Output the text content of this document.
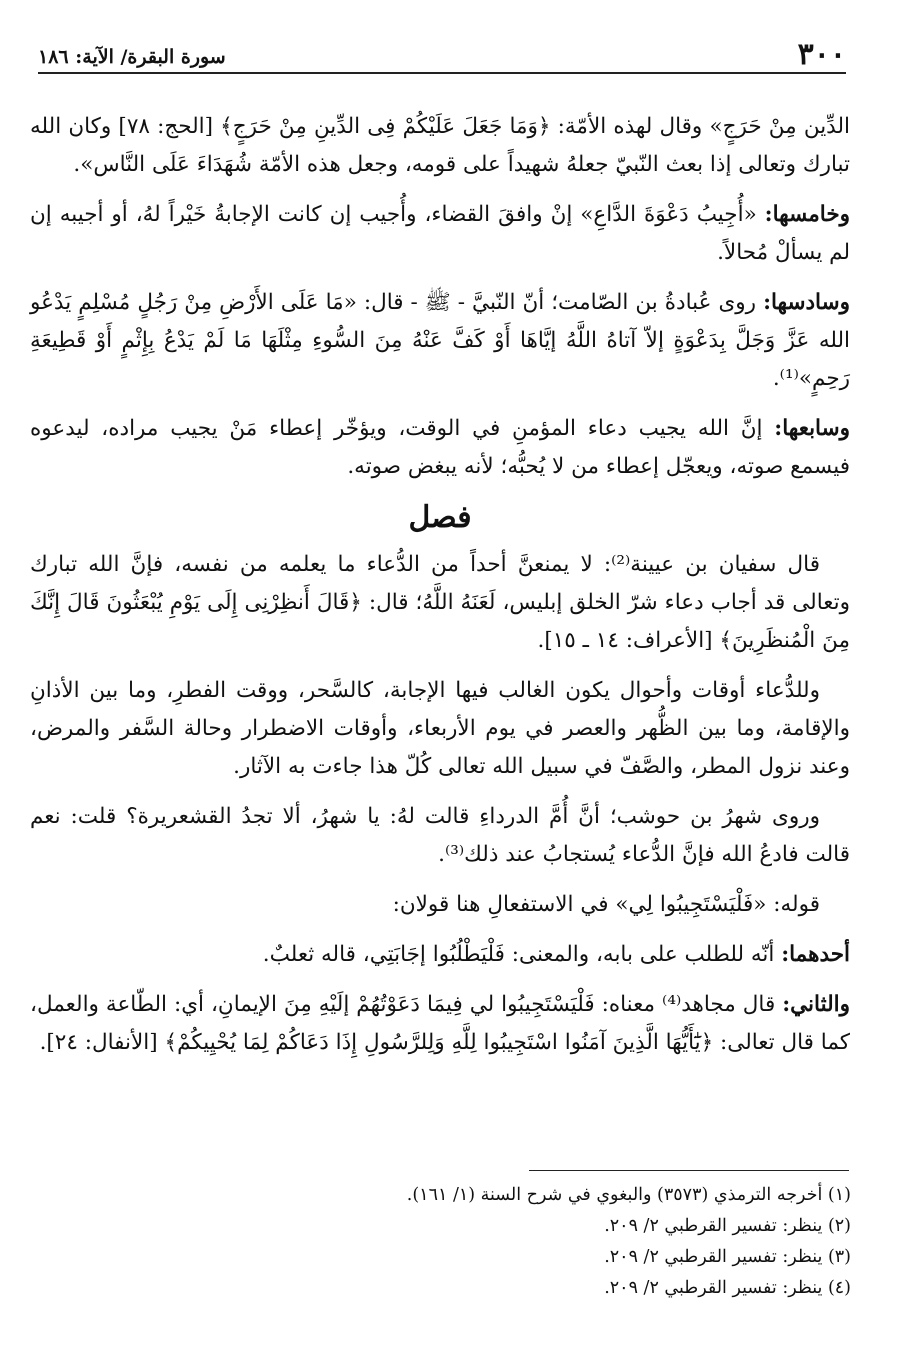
٣٠٠
سورة البقرة/ الآية: ١٨٦

الدِّين مِنْ حَرَجٍ» وقال لهذه الأمّة: ﴿وَمَا جَعَلَ عَلَيْكُمْ فِى الدِّينِ مِنْ حَرَجٍ﴾ [الحج: ٧٨] وكان الله تبارك وتعالى إذا بعث النّبيّ جعلهُ شهيداً على قومه، وجعل هذه الأمّة شُهَدَاءَ عَلَى النَّاس».

وخامسها: «أُجِيبُ دَعْوَةَ الدَّاعِ» إنْ وافقَ القضاء، وأُجيب إن كانت الإجابةُ خَيْراً لهُ، أو أجيبه إن لم يسألْ مُحالاً.

وسادسها: روى عُبادةُ بن الصّامت؛ أنّ النّبيَّ - ﷺ - قال: «مَا عَلَى الأَرْضِ مِنْ رَجُلٍ مُسْلِمٍ يَدْعُو الله عَزَّ وَجَلَّ بِدَعْوَةٍ إلاّ آتاهُ اللَّهُ إيَّاهَا أَوْ كَفَّ عَنْهُ مِنَ السُّوءِ مِثْلَهَا مَا لَمْ يَدْعُ بِإِثْمٍ أَوْ قَطِيعَةِ رَحِمٍ»⁽¹⁾.

وسابعها: إنَّ الله يجيب دعاء المؤمنِ في الوقت، ويؤخّر إعطاء مَنْ يجيب مراده، ليدعوه فيسمع صوته، ويعجّل إعطاء من لا يُحبُّه؛ لأنه يبغض صوته.

فصل

قال سفيان بن عيينة⁽²⁾: لا يمنعنَّ أحداً من الدُّعاء ما يعلمه من نفسه، فإنَّ الله تبارك وتعالى قد أجاب دعاء شرّ الخلق إبليس، لَعَنَهُ اللَّهُ؛ قال: ﴿قَالَ أَنظِرْنِى إِلَى يَوْمِ يُبْعَثُونَ قَالَ إِنَّكَ مِنَ الْمُنظَرِينَ﴾ [الأعراف: ١٤ ـ ١٥].

وللدُّعاء أوقات وأحوال يكون الغالب فيها الإجابة، كالسَّحر، ووقت الفطرِ، وما بين الأذانِ والإقامة، وما بين الظُّهر والعصر في يوم الأربعاء، وأوقات الاضطرار وحالة السَّفر والمرض، وعند نزول المطر، والصَّفّ في سبيل الله تعالى كُلّ هذا جاءت به الآثار.

وروى شهرُ بن حوشب؛ أنَّ أُمَّ الدرداءِ قالت لهُ: يا شهرُ، ألا تجدُ القشعريرة؟ قلت: نعم قالت فادعُ الله فإنَّ الدُّعاء يُستجابُ عند ذلك⁽³⁾.

قوله: «فَلْيَسْتَجِيبُوا لِي» في الاستفعالِ هنا قولان:

أحدهما: أنّه للطلب على بابه، والمعنى: فَلْيَطْلُبُوا إجَابَتِي، قاله ثعلبٌ.

والثاني: قال مجاهد⁽⁴⁾ معناه: فَلْيَسْتَجِيبُوا لي فِيمَا دَعَوْتُهُمْ إلَيْهِ مِنَ الإيمانِ، أي: الطّاعة والعمل، كما قال تعالى: ﴿يَٰٓأَيُّهَا الَّذِينَ آمَنُوا اسْتَجِيبُوا لِلَّهِ وَلِلرَّسُولِ إِذَا دَعَاكُمْ لِمَا يُحْيِيكُمْ﴾ [الأنفال: ٢٤].

(١) أخرجه الترمذي (٣٥٧٣) والبغوي في شرح السنة (١/ ١٦١).

(٢) ينظر: تفسير القرطبي ٢/ ٢٠٩.

(٣) ينظر: تفسير القرطبي ٢/ ٢٠٩.

(٤) ينظر: تفسير القرطبي ٢/ ٢٠٩.
